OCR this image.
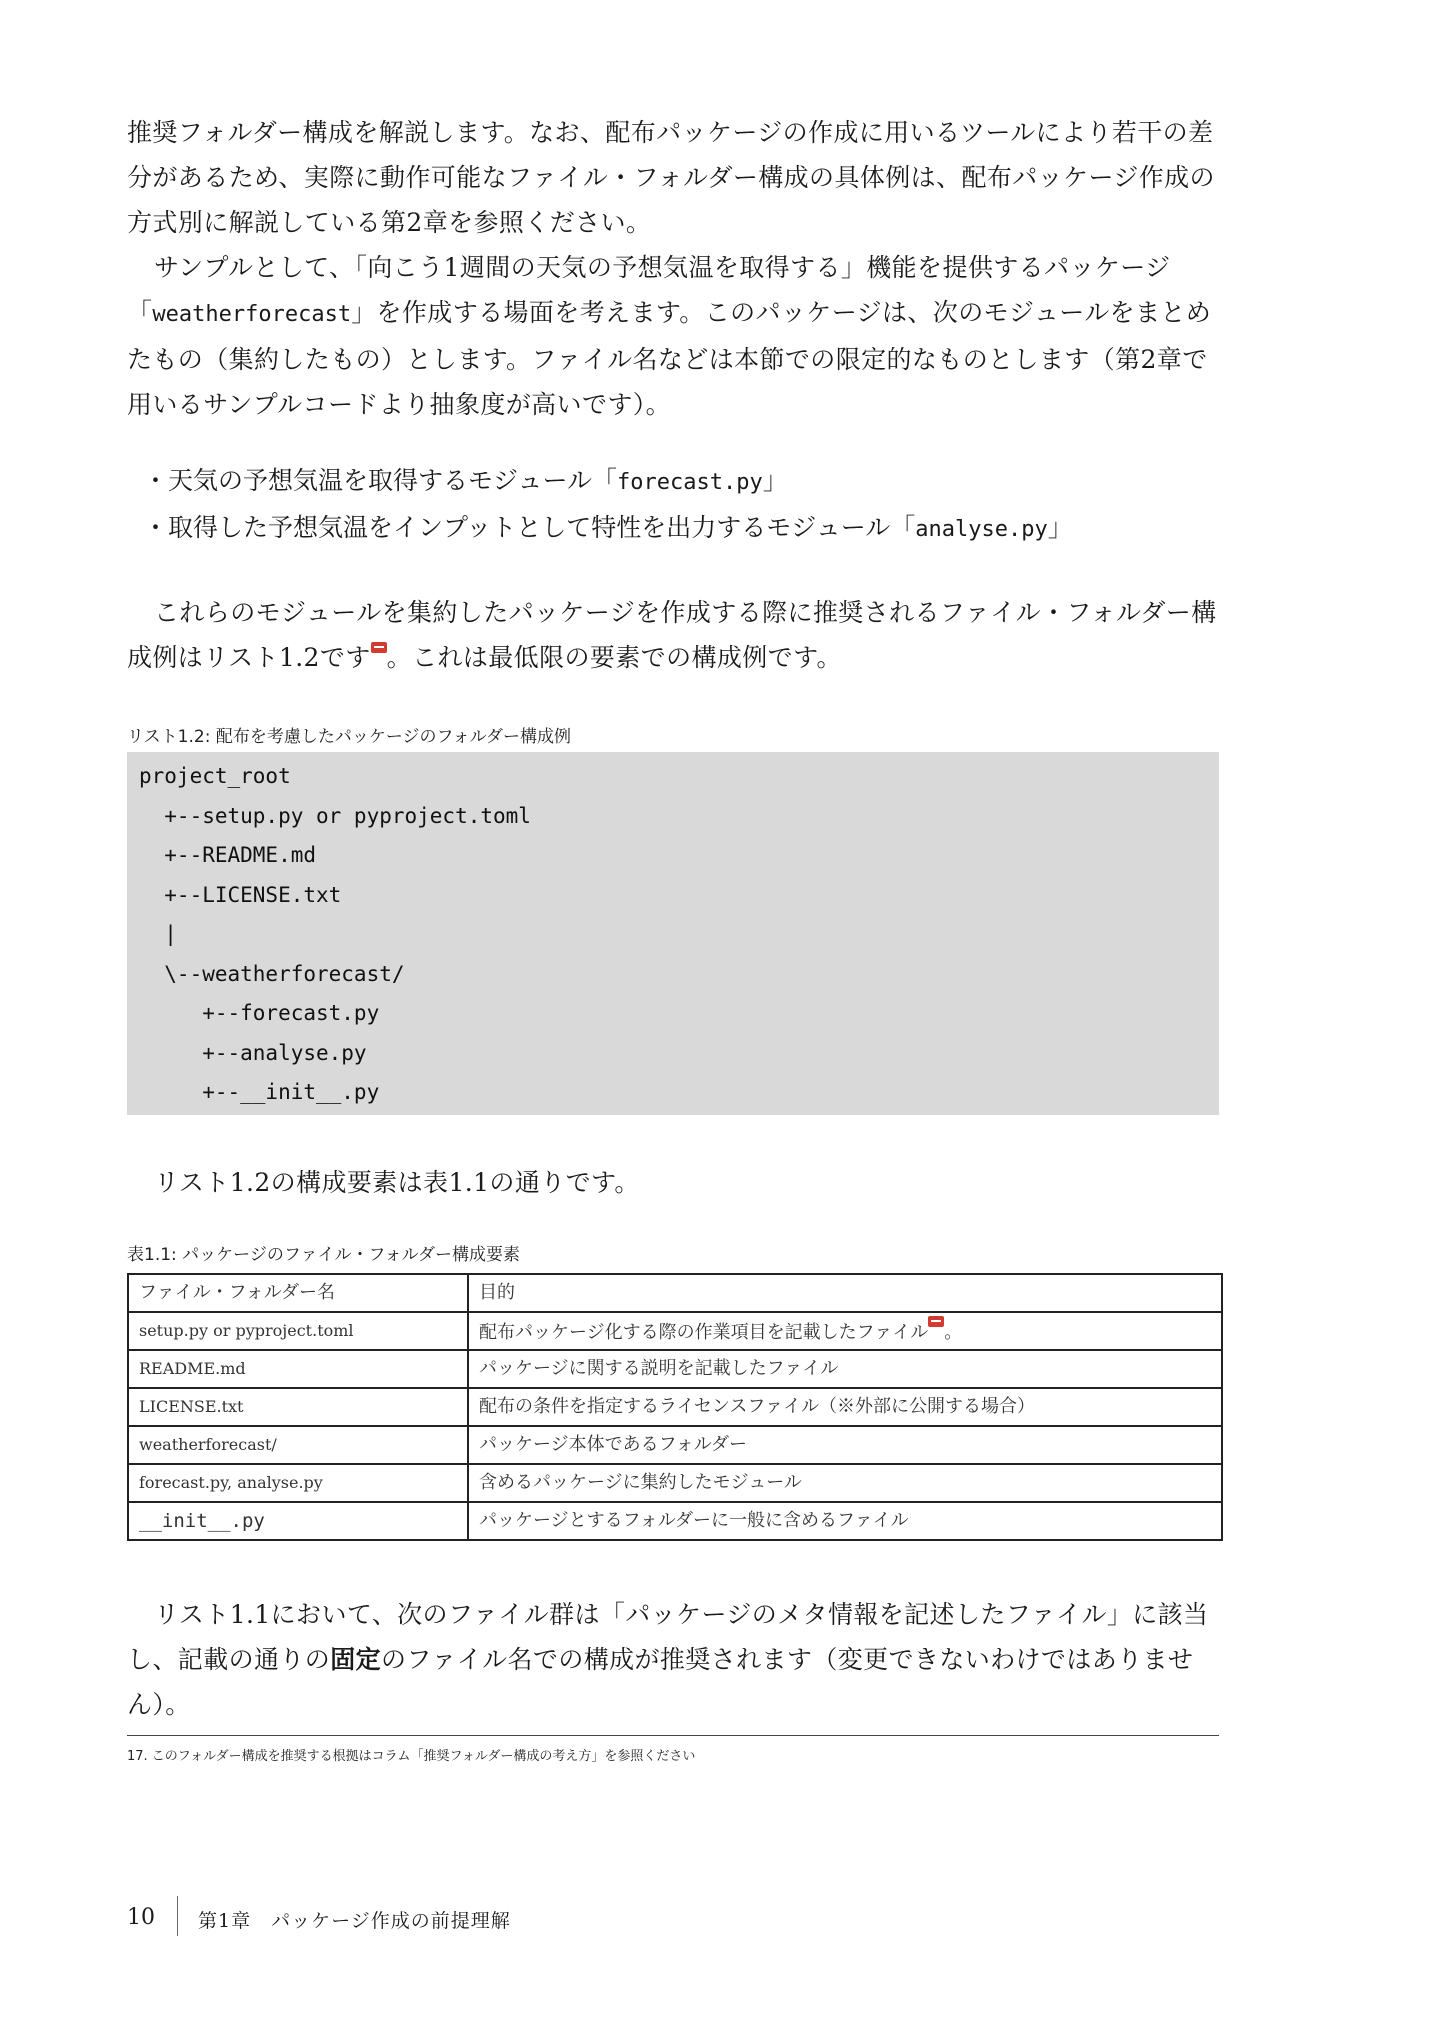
推奨フォルダー構成を解説します。なお、配布パッケージの作成に用いるツールにより若干の差分があるため、実際に動作可能なファイル・フォルダー構成の具体例は、配布パッケージ作成の方式別に解説している第2章を参照ください。

サンプルとして、「向こう1週間の天気の予想気温を取得する」機能を提供するパッケージ「weatherforecast」を作成する場面を考えます。このパッケージは、次のモジュールをまとめたもの（集約したもの）とします。ファイル名などは本節での限定的なものとします（第2章で用いるサンプルコードより抽象度が高いです）。

・天気の予想気温を取得するモジュール「forecast.py」
・取得した予想気温をインプットとして特性を出力するモジュール「analyse.py」

これらのモジュールを集約したパッケージを作成する際に推奨されるファイル・フォルダー構成例はリスト1.2です 。これは最低限の要素での構成例です。

リスト1.2: 配布を考慮したパッケージのフォルダー構成例
project_root
+--setup.py or pyproject.toml
+--README.md
+--LICENSE.txt
|
\--weatherforecast/
+--forecast.py
+--analyse.py
+--__init__.py

リスト1.2の構成要素は表1.1の通りです。

表1.1: パッケージのファイル・フォルダー構成要素
ファイル・フォルダー名	目的
setup.py or pyproject.toml	配布パッケージ化する際の作業項目を記載したファイル 。
README.md	パッケージに関する説明を記載したファイル
LICENSE.txt	配布の条件を指定するライセンスファイル（※外部に公開する場合）
weatherforecast/	パッケージ本体であるフォルダー
forecast.py, analyse.py	含めるパッケージに集約したモジュール
__init__.py	パッケージとするフォルダーに一般に含めるファイル

リスト1.1において、次のファイル群は「パッケージのメタ情報を記述したファイル」に該当し、記載の通りの固定のファイル名での構成が推奨されます（変更できないわけではありません）。

17. このフォルダー構成を推奨する根拠はコラム「推奨フォルダー構成の考え方」を参照ください
10 第1章　パッケージ作成の前提理解
